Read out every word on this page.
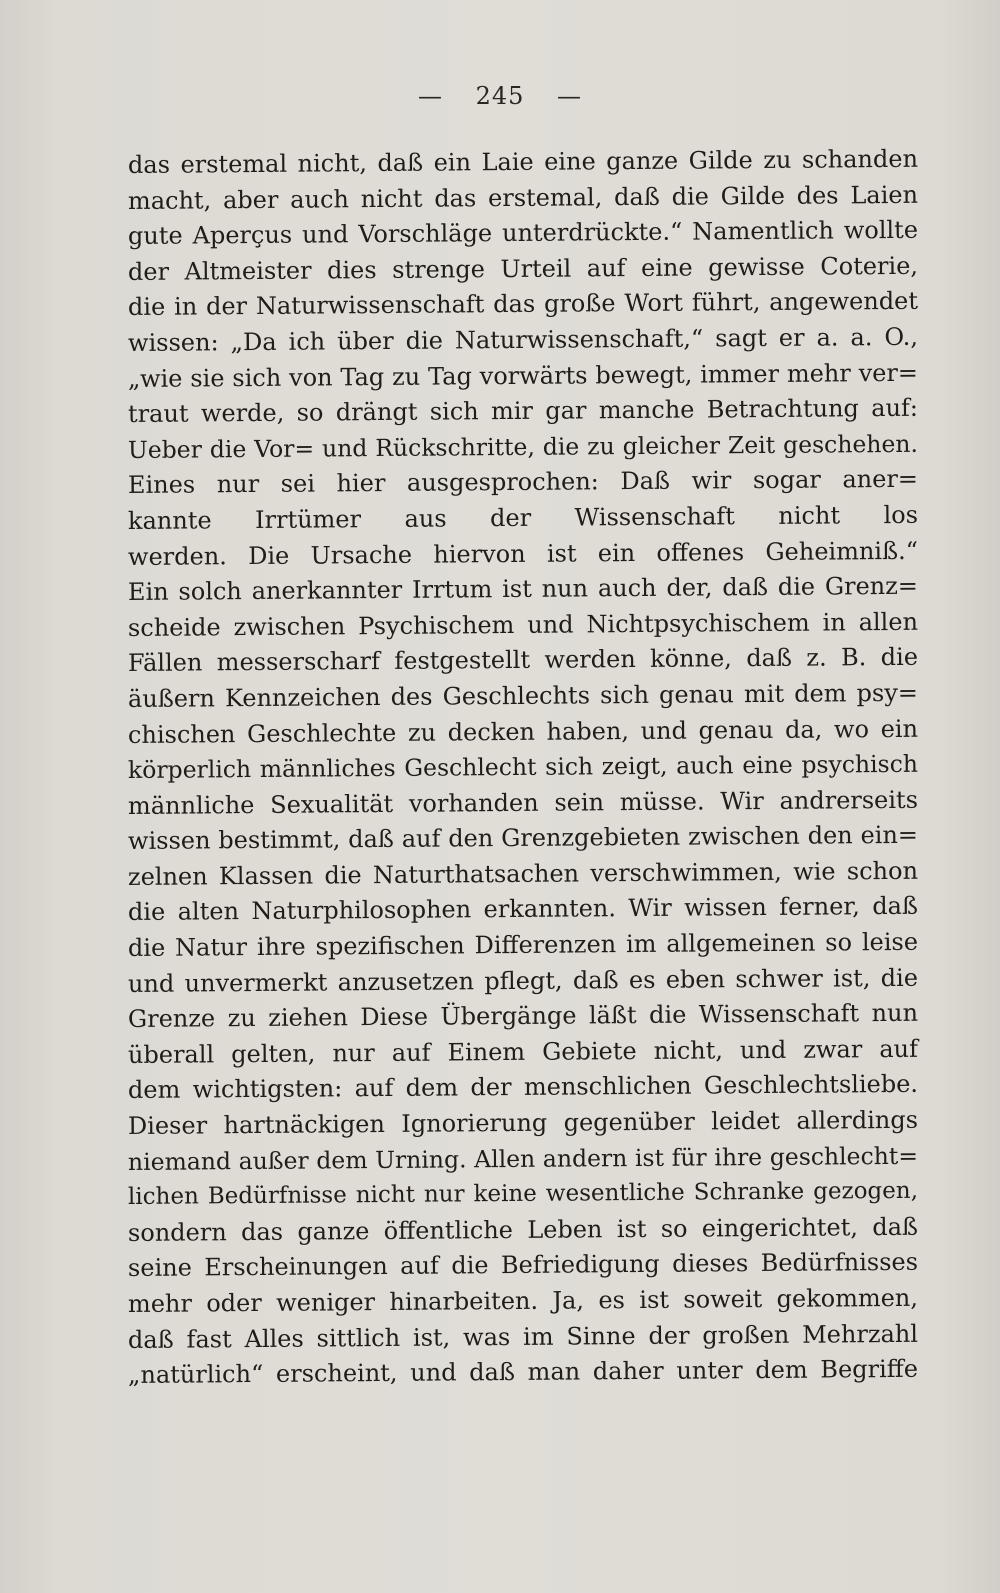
— 245 —
das erstemal nicht, daß ein Laie eine ganze Gilde zu schanden
macht, aber auch nicht das erstemal, daß die Gilde des Laien
gute Aperçus und Vorschläge unterdrückte.“ Namentlich wollte
der Altmeister dies strenge Urteil auf eine gewisse Coterie,
die in der Naturwissenschaft das große Wort führt, angewendet
wissen: „Da ich über die Naturwissenschaft,“ sagt er a. a. O.,
„wie sie sich von Tag zu Tag vorwärts bewegt, immer mehr ver=
traut werde, so drängt sich mir gar manche Betrachtung auf:
Ueber die Vor= und Rückschritte, die zu gleicher Zeit geschehen.
Eines nur sei hier ausgesprochen: Daß wir sogar aner=
kannte Irrtümer aus der Wissenschaft nicht los
werden. Die Ursache hiervon ist ein offenes Geheimniß.“
Ein solch anerkannter Irrtum ist nun auch der, daß die Grenz=
scheide zwischen Psychischem und Nichtpsychischem in allen
Fällen messerscharf festgestellt werden könne, daß z. B. die
äußern Kennzeichen des Geschlechts sich genau mit dem psy=
chischen Geschlechte zu decken haben, und genau da, wo ein
körperlich männliches Geschlecht sich zeigt, auch eine psychisch
männliche Sexualität vorhanden sein müsse. Wir andrerseits
wissen bestimmt, daß auf den Grenzgebieten zwischen den ein=
zelnen Klassen die Naturthatsachen verschwimmen, wie schon
die alten Naturphilosophen erkannten. Wir wissen ferner, daß
die Natur ihre spezifischen Differenzen im allgemeinen so leise
und unvermerkt anzusetzen pflegt, daß es eben schwer ist, die
Grenze zu ziehen Diese Übergänge läßt die Wissenschaft nun
überall gelten, nur auf Einem Gebiete nicht, und zwar auf
dem wichtigsten: auf dem der menschlichen Geschlechtsliebe.
Dieser hartnäckigen Ignorierung gegenüber leidet allerdings
niemand außer dem Urning. Allen andern ist für ihre geschlecht=
lichen Bedürfnisse nicht nur keine wesentliche Schranke gezogen,
sondern das ganze öffentliche Leben ist so eingerichtet, daß
seine Erscheinungen auf die Befriedigung dieses Bedürfnisses
mehr oder weniger hinarbeiten. Ja, es ist soweit gekommen,
daß fast Alles sittlich ist, was im Sinne der großen Mehrzahl
„natürlich“ erscheint, und daß man daher unter dem Begriffe
